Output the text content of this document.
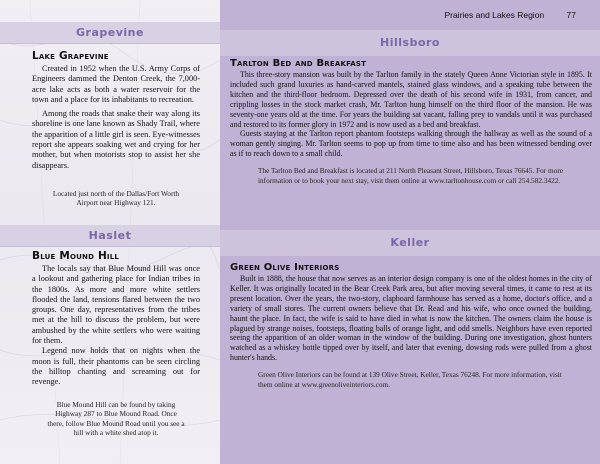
Grapevine
Lake Grapevine

Created in 1952 when the U.S. Army Corps of Engineers dammed the Denton Creek, the 7,000-acre lake acts as both a water reservoir for the town and a place for its inhabitants to recreation.

Among the roads that snake their way along its shoreline is one lane known as Shady Trail, where the apparition of a little girl is seen. Eye-witnesses report she appears soaking wet and crying for her mother, but when motorists stop to assist her she disappears.

Located just north of the Dallas/Fort Worth Airport near Highway 121.
Haslet
Blue Mound Hill

The locals say that Blue Mound Hill was once a lookout and gathering place for Indian tribes in the 1800s. As more and more white settlers flooded the land, tensions flared between the two groups. One day, representatives from the tribes met at the hill to discuss the problem, but were ambushed by the white settlers who were waiting for them.

Legend now holds that on nights when the moon is full, their phantoms can be seen circling the hilltop chanting and screaming out for revenge.

Blue Mound Hill can be found by taking Highway 287 to Blue Mound Road. Once there, follow Blue Mound Road until you see a hill with a white shed atop it.
Prairies and Lakes Region	77
Hillsboro
Tarlton Bed and Breakfast

This three-story mansion was built by the Tarlton family in the stately Queen Anne Victorian style in 1895. It included such grand luxuries as hand-carved mantels, stained glass windows, and a speaking tube between the kitchen and the third-floor bedroom. Depressed over the death of his second wife in 1931, from cancer, and crippling losses in the stock market crash, Mr. Tarlton hung himself on the third floor of the mansion. He was seventy-one years old at the time. For years the building sat vacant, falling prey to vandals until it was purchased and restored to its former glory in 1972 and is now used as a bed and breakfast.

Guests staying at the Tarlton report phantom footsteps walking through the hallway as well as the sound of a woman gently singing. Mr. Tarlton seems to pop up from time to time also and has been witnessed bending over as if to reach down to a small child.

The Tarlton Bed and Breakfast is located at 211 North Pleasant Street, Hillsboro, Texas 76645. For more information or to book your next stay, visit them online at www.tarltonhouse.com or call 254.582.3422.
Keller
Green Olive Interiors

Built in 1888, the house that now serves as an interior design company is one of the oldest homes in the city of Keller. It was originally located in the Bear Creek Park area, but after moving several times, it came to rest at its present location. Over the years, the two-story, clapboard farmhouse has served as a home, doctor's office, and a variety of small stores. The current owners believe that Dr. Read and his wife, who once owned the building, haunt the place. In fact, the wife is said to have died in what is now the kitchen. The owners claim the house is plagued by strange noises, footsteps, floating balls of orange light, and odd smells. Neighbors have even reported seeing the apparition of an older woman in the window of the building. During one investigation, ghost hunters watched as a whiskey bottle tipped over by itself, and later that evening, dowsing rods were pulled from a ghost hunter's hands.

Green Olive Interiors can be found at 139 Olive Street, Keller, Texas 76248. For more information, visit them online at www.greenoliveinteriors.com.
